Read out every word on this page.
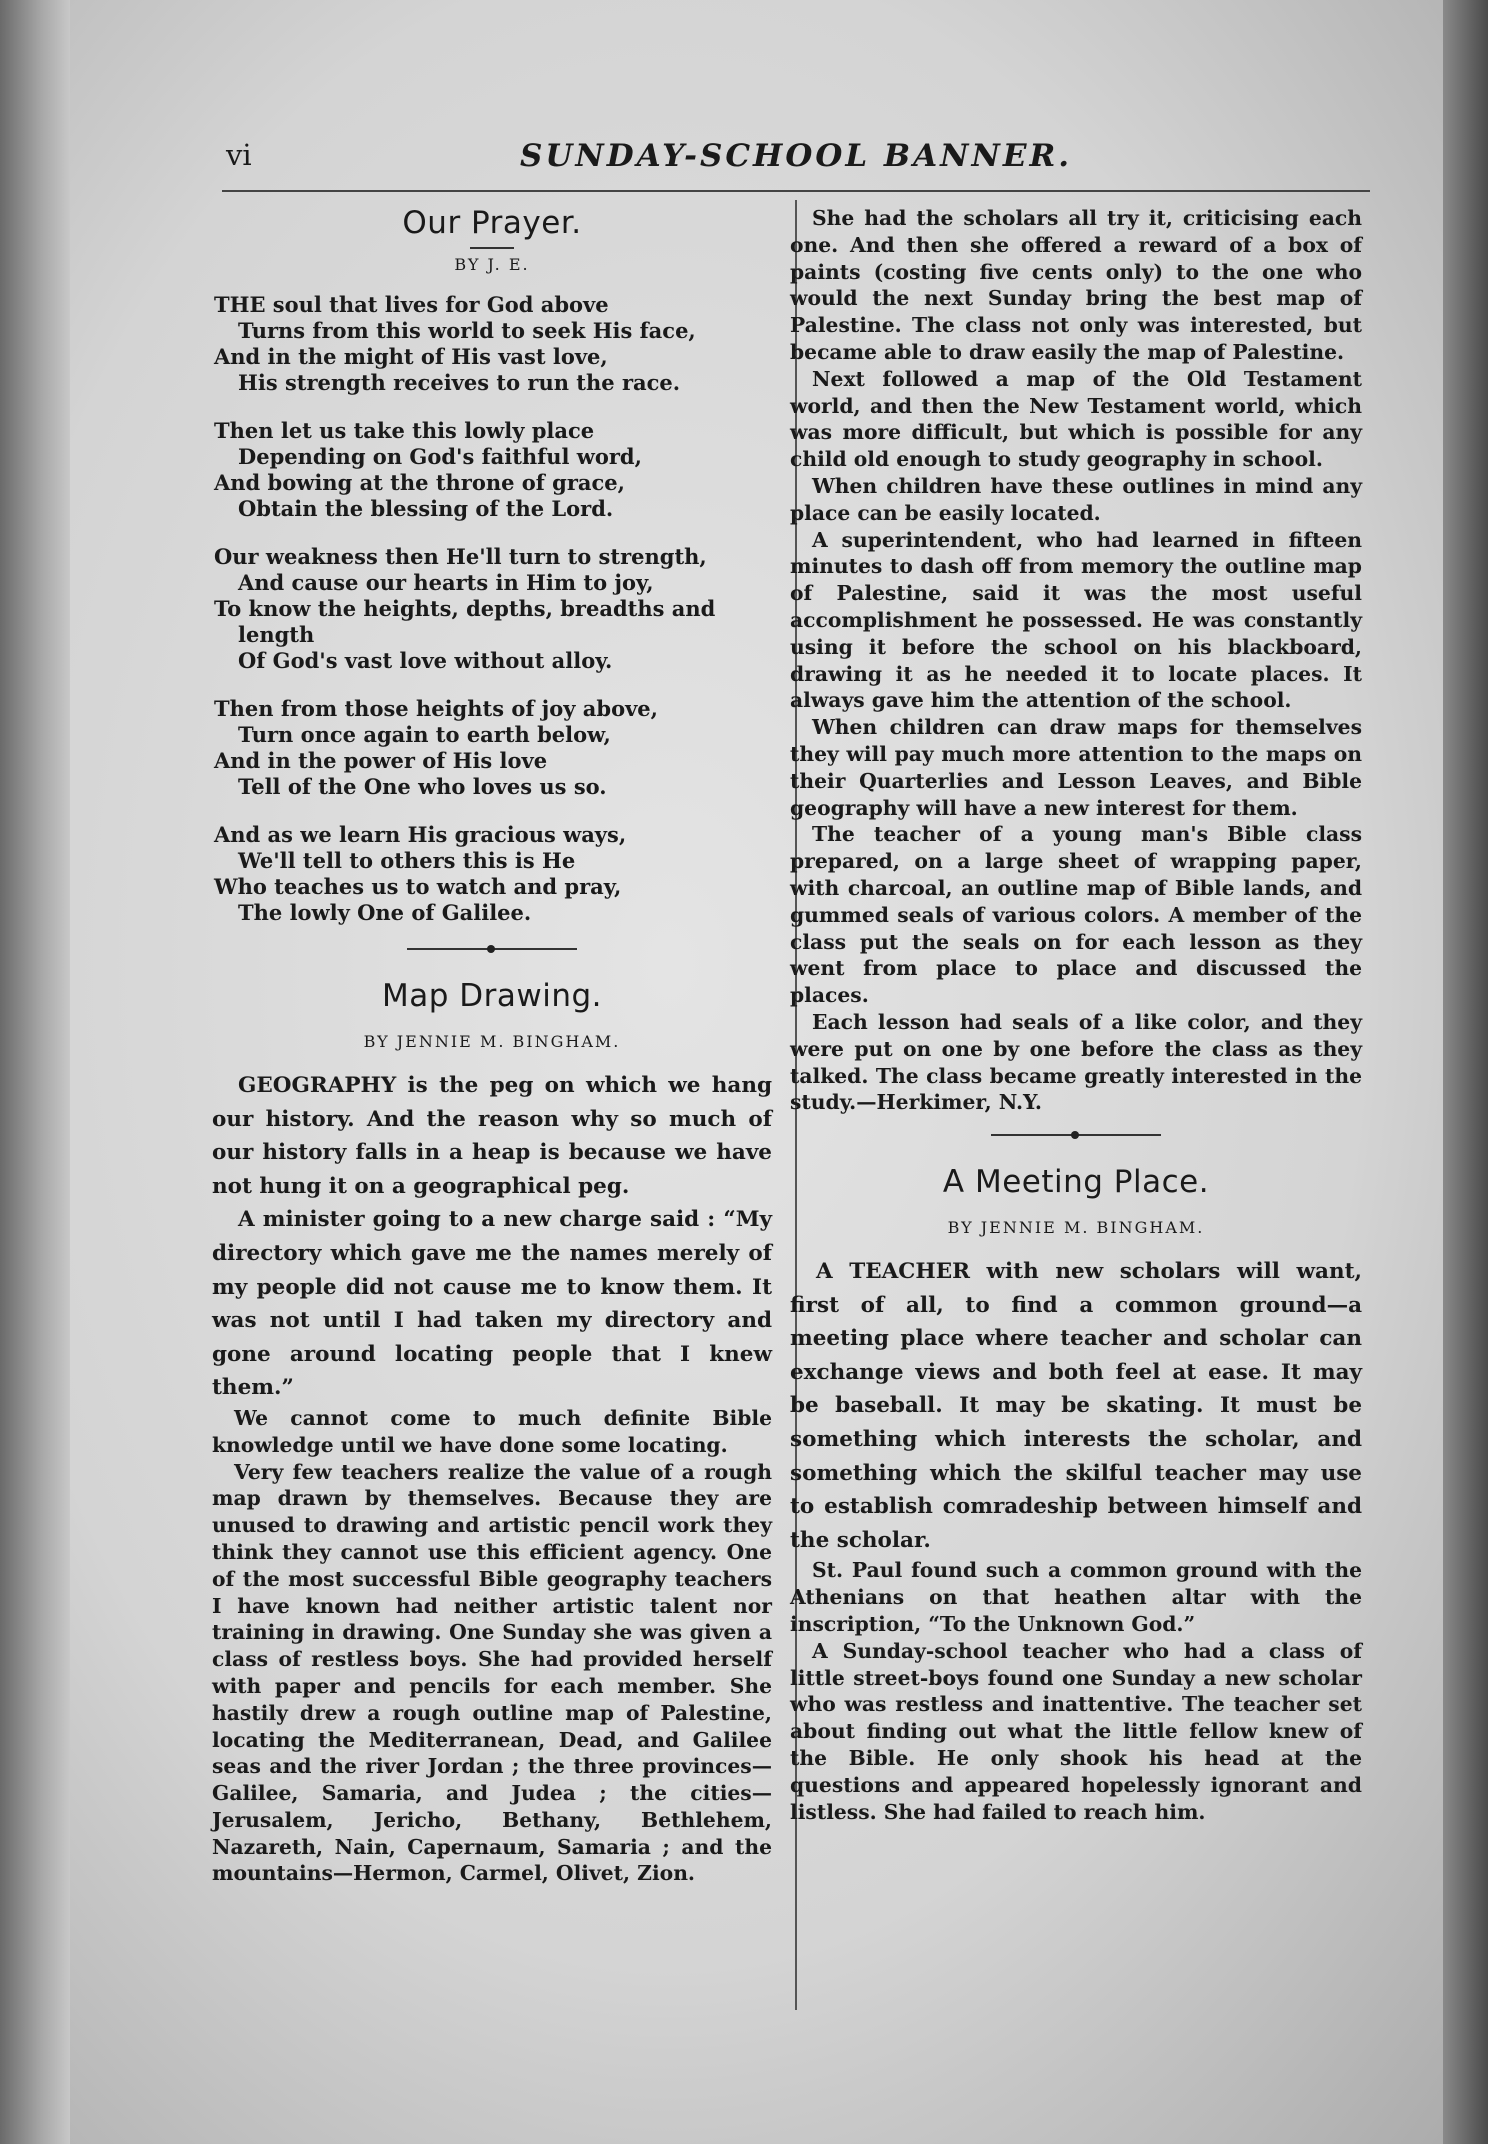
vi	SUNDAY-SCHOOL BANNER.
Our Prayer.
BY J. E.
THE soul that lives for God above
Turns from this world to seek His face,
And in the might of His vast love,
His strength receives to run the race.
Then let us take this lowly place
Depending on God's faithful word,
And bowing at the throne of grace,
Obtain the blessing of the Lord.
Our weakness then He'll turn to strength,
And cause our hearts in Him to joy,
To know the heights, depths, breadths and
length
Of God's vast love without alloy.
Then from those heights of joy above,
Turn once again to earth below,
And in the power of His love
Tell of the One who loves us so.
And as we learn His gracious ways,
We'll tell to others this is He
Who teaches us to watch and pray,
The lowly One of Galilee.
Map Drawing.
BY JENNIE M. BINGHAM.

GEOGRAPHY is the peg on which we hang our history. And the reason why so much of our history falls in a heap is because we have not hung it on a geographical peg.

A minister going to a new charge said : “My directory which gave me the names merely of my people did not cause me to know them. It was not until I had taken my directory and gone around locating people that I knew them.”

We cannot come to much definite Bible knowledge until we have done some locating.

Very few teachers realize the value of a rough map drawn by themselves. Because they are unused to drawing and artistic pencil work they think they cannot use this efficient agency. One of the most successful Bible geography teachers I have known had neither artistic talent nor training in drawing. One Sunday she was given a class of restless boys. She had provided herself with paper and pencils for each member. She hastily drew a rough outline map of Palestine, locating the Mediterranean, Dead, and Galilee seas and the river Jordan ; the three provinces—Galilee, Samaria, and Judea ; the cities—Jerusalem, Jericho, Bethany, Bethlehem, Nazareth, Nain, Capernaum, Samaria ; and the mountains—Hermon, Carmel, Olivet, Zion.

She had the scholars all try it, criticising each one. And then she offered a reward of a box of paints (costing five cents only) to the one who would the next Sunday bring the best map of Palestine. The class not only was interested, but became able to draw easily the map of Palestine.

Next followed a map of the Old Testament world, and then the New Testament world, which was more difficult, but which is possible for any child old enough to study geography in school.

When children have these outlines in mind any place can be easily located.

A superintendent, who had learned in fifteen minutes to dash off from memory the outline map of Palestine, said it was the most useful accomplishment he possessed. He was constantly using it before the school on his blackboard, drawing it as he needed it to locate places. It always gave him the attention of the school.

When children can draw maps for themselves they will pay much more attention to the maps on their Quarterlies and Lesson Leaves, and Bible geography will have a new interest for them.

The teacher of a young man's Bible class prepared, on a large sheet of wrapping paper, with charcoal, an outline map of Bible lands, and gummed seals of various colors. A member of the class put the seals on for each lesson as they went from place to place and discussed the places.

Each lesson had seals of a like color, and they were put on one by one before the class as they talked. The class became greatly interested in the study.—Herkimer, N.Y.

A Meeting Place.
BY JENNIE M. BINGHAM.

A TEACHER with new scholars will want, first of all, to find a common ground—a meeting place where teacher and scholar can exchange views and both feel at ease. It may be baseball. It may be skating. It must be something which interests the scholar, and something which the skilful teacher may use to establish comradeship between himself and the scholar.

St. Paul found such a common ground with the Athenians on that heathen altar with the inscription, “To the Unknown God.”

A Sunday-school teacher who had a class of little street-boys found one Sunday a new scholar who was restless and inattentive. The teacher set about finding out what the little fellow knew of the Bible. He only shook his head at the questions and appeared hopelessly ignorant and listless. She had failed to reach him.
